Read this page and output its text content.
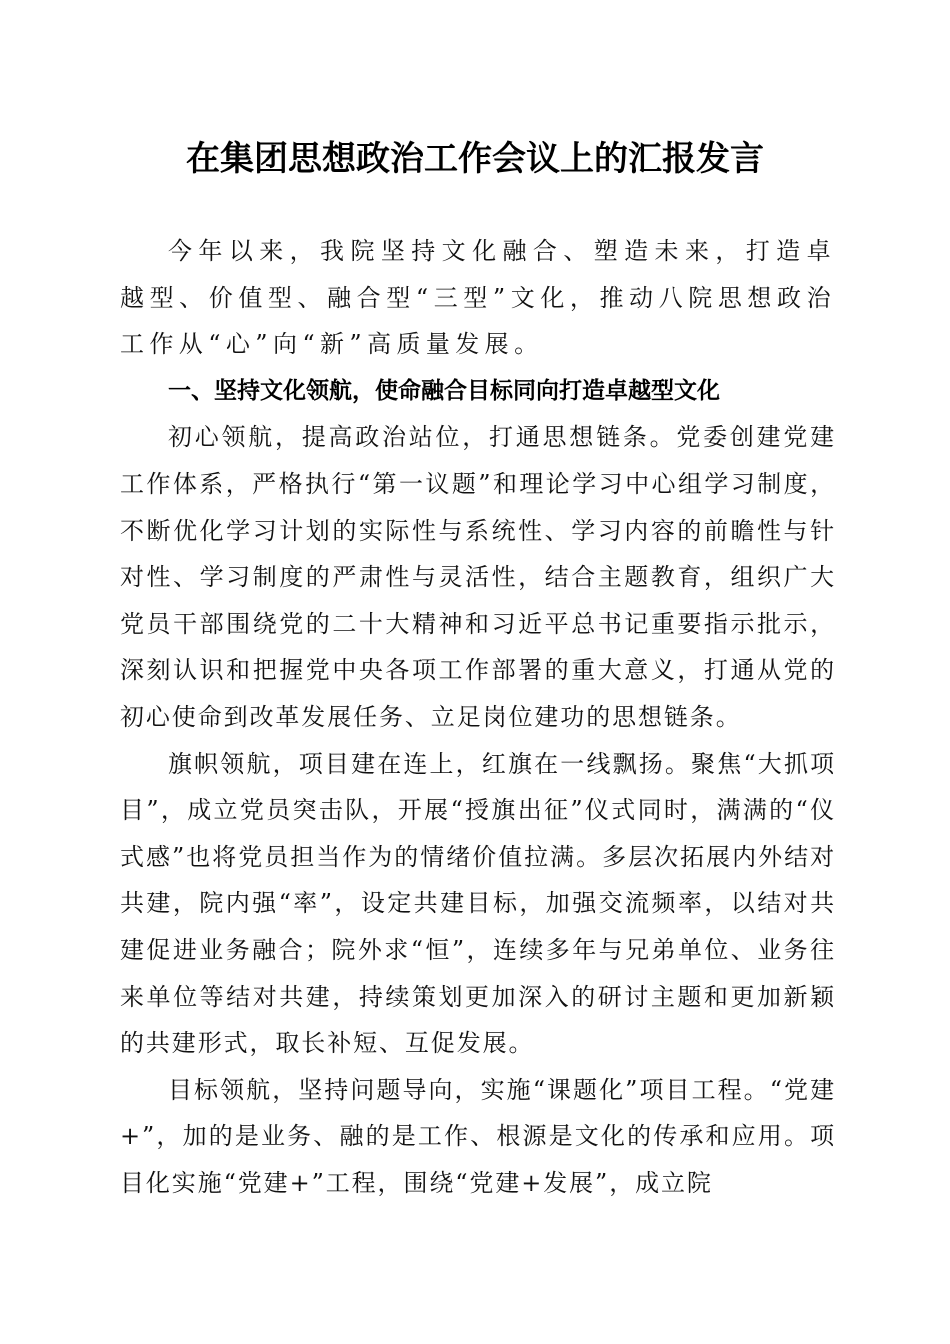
在集团思想政治工作会议上的汇报发言

今年以来，我院坚持文化融合、塑造未来，打造卓越型、价值型、融合型“三型”文化，推动八院思想政治工作从“心”向“新”高质量发展。

一、坚持文化领航，使命融合目标同向打造卓越型文化

初心领航，提高政治站位，打通思想链条。党委创建党建工作体系，严格执行“第一议题”和理论学习中心组学习制度，不断优化学习计划的实际性与系统性、学习内容的前瞻性与针对性、学习制度的严肃性与灵活性，结合主题教育，组织广大党员干部围绕党的二十大精神和习近平总书记重要指示批示，深刻认识和把握党中央各项工作部署的重大意义，打通从党的初心使命到改革发展任务、立足岗位建功的思想链条。

旗帜领航，项目建在连上，红旗在一线飘扬。聚焦“大抓项目”，成立党员突击队，开展“授旗出征”仪式同时，满满的“仪式感”也将党员担当作为的情绪价值拉满。多层次拓展内外结对共建，院内强“率”，设定共建目标，加强交流频率，以结对共建促进业务融合；院外求“恒”，连续多年与兄弟单位、业务往来单位等结对共建，持续策划更加深入的研讨主题和更加新颖的共建形式，取长补短、互促发展。

目标领航，坚持问题导向，实施“课题化”项目工程。“党建+”，加的是业务、融的是工作、根源是文化的传承和应用。项目化实施“党建+”工程，围绕“党建+发展”，成立院
